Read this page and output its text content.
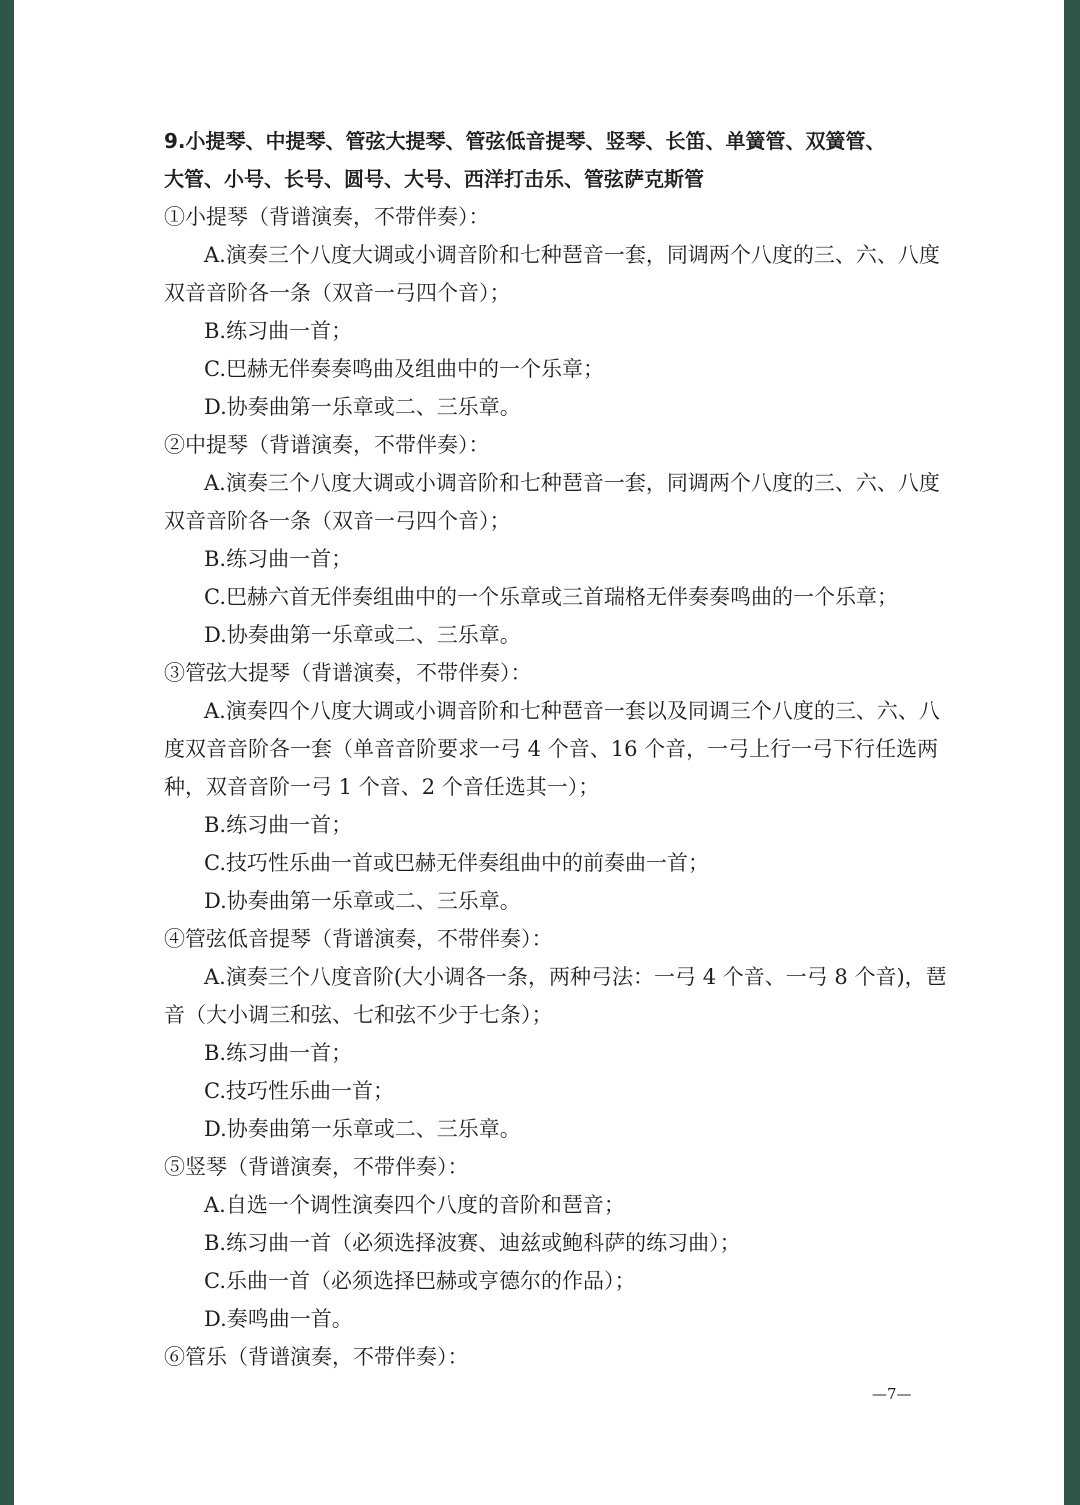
9.小提琴、中提琴、管弦大提琴、管弦低音提琴、竖琴、长笛、单簧管、双簧管、
大管、小号、长号、圆号、大号、西洋打击乐、管弦萨克斯管

①小提琴（背谱演奏，不带伴奏）：

A.演奏三个八度大调或小调音阶和七种琶音一套，同调两个八度的三、六、八度

双音音阶各一条（双音一弓四个音）；

B.练习曲一首；

C.巴赫无伴奏奏鸣曲及组曲中的一个乐章；

D.协奏曲第一乐章或二、三乐章。

②中提琴（背谱演奏，不带伴奏）：

A.演奏三个八度大调或小调音阶和七种琶音一套，同调两个八度的三、六、八度

双音音阶各一条（双音一弓四个音）；

B.练习曲一首；

C.巴赫六首无伴奏组曲中的一个乐章或三首瑞格无伴奏奏鸣曲的一个乐章；

D.协奏曲第一乐章或二、三乐章。

③管弦大提琴（背谱演奏，不带伴奏）：

A.演奏四个八度大调或小调音阶和七种琶音一套以及同调三个八度的三、六、八

度双音音阶各一套（单音音阶要求一弓 4 个音、16 个音，一弓上行一弓下行任选两

种，双音音阶一弓 1 个音、2 个音任选其一）；

B.练习曲一首；

C.技巧性乐曲一首或巴赫无伴奏组曲中的前奏曲一首；

D.协奏曲第一乐章或二、三乐章。

④管弦低音提琴（背谱演奏，不带伴奏）：

A.演奏三个八度音阶(大小调各一条，两种弓法：一弓 4 个音、一弓 8 个音)，琶

音（大小调三和弦、七和弦不少于七条）；

B.练习曲一首；

C.技巧性乐曲一首；

D.协奏曲第一乐章或二、三乐章。

⑤竖琴（背谱演奏，不带伴奏）：

A.自选一个调性演奏四个八度的音阶和琶音；

B.练习曲一首（必须选择波赛、迪兹或鲍科萨的练习曲）；

C.乐曲一首（必须选择巴赫或亨德尔的作品）；

D.奏鸣曲一首。

⑥管乐（背谱演奏，不带伴奏）：

—7—
